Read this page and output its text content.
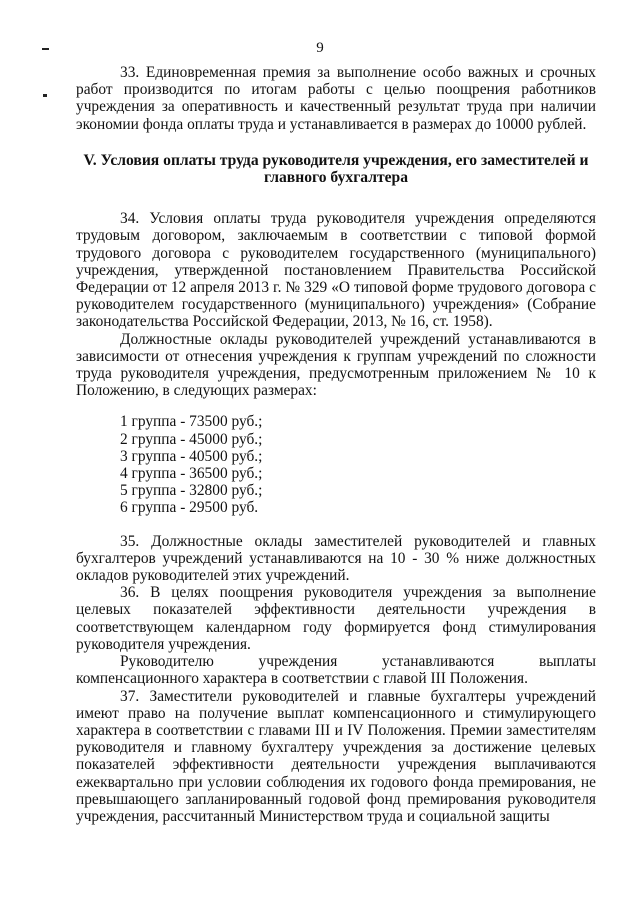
9

33. Единовременная премия за выполнение особо важных и срочных работ производится по итогам работы с целью поощрения работников учреждения за оперативность и качественный результат труда при наличии экономии фонда оплаты труда и устанавливается в размерах до 10000 рублей.

V. Условия оплаты труда руководителя учреждения, его заместителей и главного бухгалтера

34. Условия оплаты труда руководителя учреждения определяются трудовым договором, заключаемым в соответствии с типовой формой трудового договора с руководителем государственного (муниципального) учреждения, утвержденной постановлением Правительства Российской Федерации от 12 апреля 2013 г. № 329 «О типовой форме трудового договора с руководителем государственного (муниципального) учреждения» (Собрание законодательства Российской Федерации, 2013, № 16, ст. 1958).

Должностные оклады руководителей учреждений устанавливаются в зависимости от отнесения учреждения к группам учреждений по сложности труда руководителя учреждения, предусмотренным приложением № 10 к Положению, в следующих размерах:

1 группа - 73500 руб.;
2 группа - 45000 руб.;
3 группа - 40500 руб.;
4 группа - 36500 руб.;
5 группа - 32800 руб.;
6 группа - 29500 руб.

35. Должностные оклады заместителей руководителей и главных бухгалтеров учреждений устанавливаются на 10 - 30 % ниже должностных окладов руководителей этих учреждений.

36. В целях поощрения руководителя учреждения за выполнение целевых показателей эффективности деятельности учреждения в соответствующем календарном году формируется фонд стимулирования руководителя учреждения.

Руководителю	учреждения	устанавливаются	выплаты

компенсационного характера в соответствии с главой III Положения.

37. Заместители руководителей и главные бухгалтеры учреждений имеют право на получение выплат компенсационного и стимулирующего характера в соответствии с главами III и IV Положения. Премии заместителям руководителя и главному бухгалтеру учреждения за достижение целевых показателей эффективности деятельности учреждения выплачиваются ежеквартально при условии соблюдения их годового фонда премирования, не превышающего запланированный годовой фонд премирования руководителя учреждения, рассчитанный Министерством труда и социальной защиты
